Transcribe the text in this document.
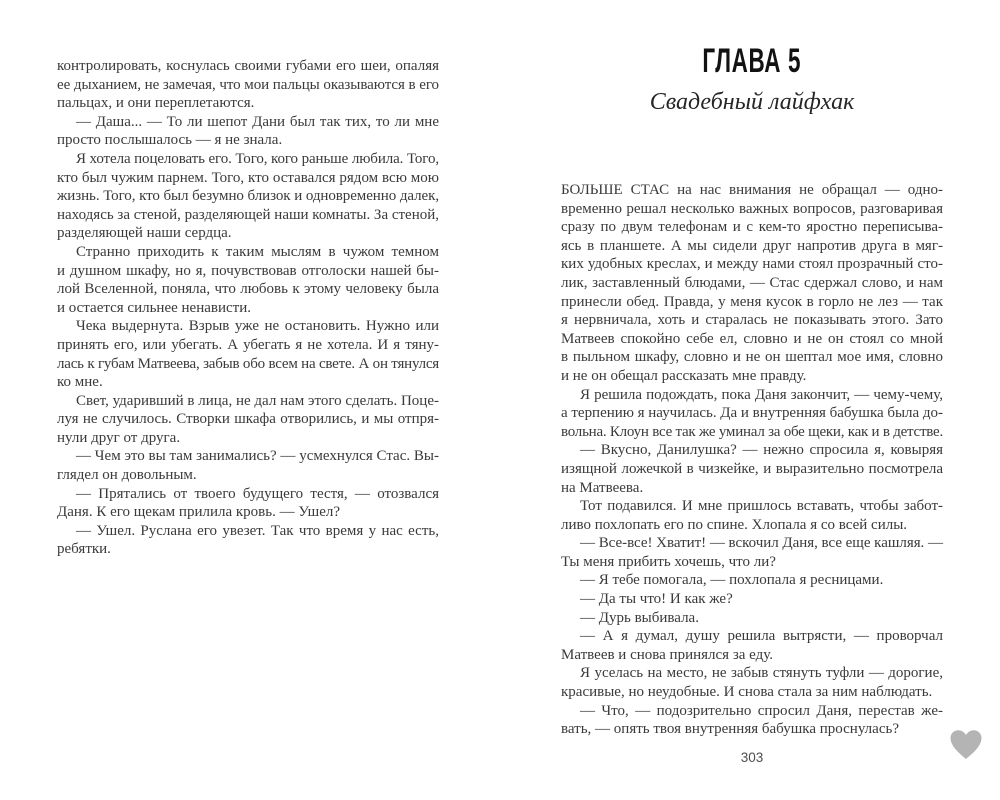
ГЛАВА 5
Свадебный лайфхак
контролировать, коснулась своими губами его шеи, опаляя
ее дыханием, не замечая, что мои пальцы оказываются в его
пальцах, и они переплетаются.
— Даша... — То ли шепот Дани был так тих, то ли мне
просто послышалось — я не знала.
Я хотела поцеловать его. Того, кого раньше любила. Того,
кто был чужим парнем. Того, кто оставался рядом всю мою
жизнь. Того, кто был безумно близок и одновременно далек,
находясь за стеной, разделяющей наши комнаты. За стеной,
разделяющей наши сердца.
Странно приходить к таким мыслям в чужом темном
и душном шкафу, но я, почувствовав отголоски нашей бы-
лой Вселенной, поняла, что любовь к этому человеку была
и остается сильнее ненависти.
Чека выдернута. Взрыв уже не остановить. Нужно или
принять его, или убегать. А убегать я не хотела. И я тяну-
лась к губам Матвеева, забыв обо всем на свете. А он тянулся
ко мне.
Свет, ударивший в лица, не дал нам этого сделать. Поце-
луя не случилось. Створки шкафа отворились, и мы отпря-
нули друг от друга.
— Чем это вы там занимались? — усмехнулся Стас. Вы-
глядел он довольным.
— Прятались от твоего будущего тестя, — отозвался
Даня. К его щекам прилила кровь. — Ушел?
— Ушел. Руслана его увезет. Так что время у нас есть,
ребятки.
БОЛЬШЕ СТАС на нас внимания не обращал — одно-
временно решал несколько важных вопросов, разговаривая
сразу по двум телефонам и с кем-то яростно переписыва-
ясь в планшете. А мы сидели друг напротив друга в мяг-
ких удобных креслах, и между нами стоял прозрачный сто-
лик, заставленный блюдами, — Стас сдержал слово, и нам
принесли обед. Правда, у меня кусок в горло не лез — так
я нервничала, хоть и старалась не показывать этого. Зато
Матвеев спокойно себе ел, словно и не он стоял со мной
в пыльном шкафу, словно и не он шептал мое имя, словно
и не он обещал рассказать мне правду.
Я решила подождать, пока Даня закончит, — чему-чему,
а терпению я научилась. Да и внутренняя бабушка была до-
вольна. Клоун все так же уминал за обе щеки, как и в детстве.
— Вкусно, Данилушка? — нежно спросила я, ковыряя
изящной ложечкой в чизкейке, и выразительно посмотрела
на Матвеева.
Тот подавился. И мне пришлось вставать, чтобы забот-
ливо похлопать его по спине. Хлопала я со всей силы.
— Все-все! Хватит! — вскочил Даня, все еще кашляя. —
Ты меня прибить хочешь, что ли?
— Я тебе помогала, — похлопала я ресницами.
— Да ты что! И как же?
— Дурь выбивала.
— А я думал, душу решила вытрясти, — проворчал
Матвеев и снова принялся за еду.
Я уселась на место, не забыв стянуть туфли — дорогие,
красивые, но неудобные. И снова стала за ним наблюдать.
— Что, — подозрительно спросил Даня, перестав же-
вать, — опять твоя внутренняя бабушка проснулась?
303
